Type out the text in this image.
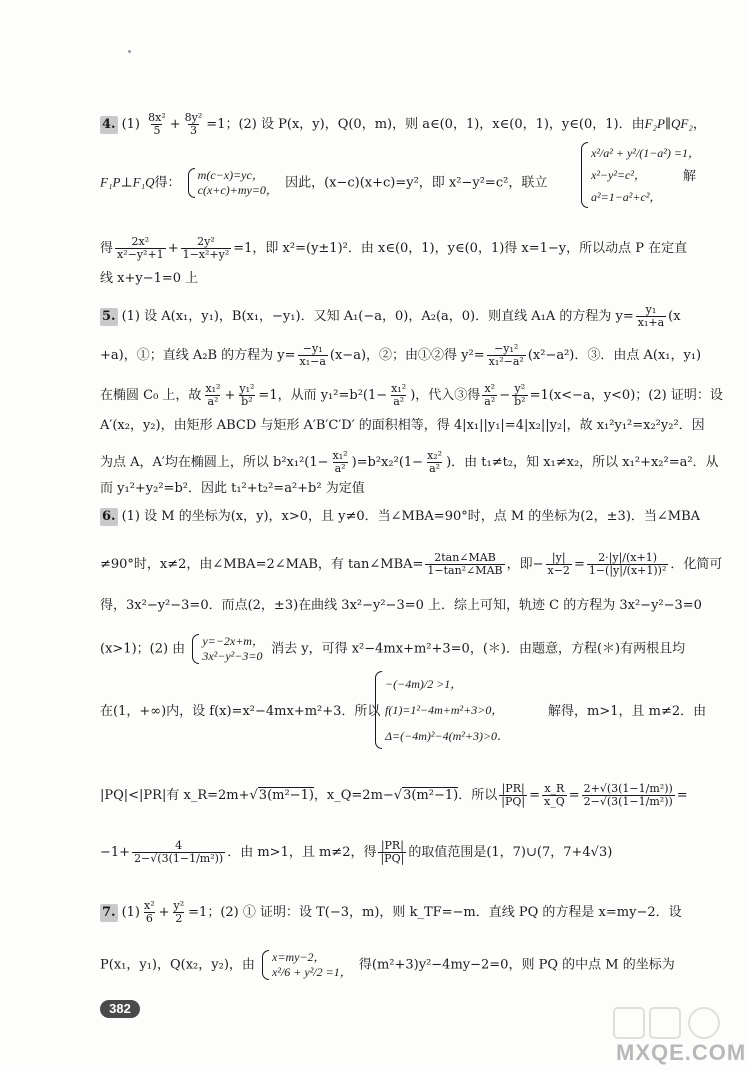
4. $(1) \frac{\text{8x²}}{5} + \frac{\text{8y²}}{3} =1$；(2) 设 P(x，y)，Q(0，m)，则 a∈(0，1)，x∈(0，1)，y∈(0，1)．由F₂P∥QF₂，
F₁P⊥F₁Q得：
m(c−x)=yc，
c(x+c)+my=0， 因此，(x−c)(x+c)=y²，即 x²−y²=c²，联立
x²/a² + y²/(1−a²) =1，
x²−y²=c²，
a²=1−a²+c²，
解
得 $\frac{\text{2x²}}{\text{x²−y²+1}} + \frac{\text{2y²}}{\text{1−x²+y²}} =1$，即 x²=(y±1)²．由 x∈(0，1)，y∈(0，1)得 x=1−y，所以动点 P 在定直
线 x+y−1=0 上
5. (1) 设 A(x₁，y₁)，B(x₁，−y₁)．又知 A₁(−a，0)，A₂(a，0)．则直线 A₁A 的方程为 $y= \frac{\text{y₁}}{\text{x₁+a}} (x$
+a)，①；直线 A₂B 的方程为 $y= \frac{\text{−y₁}}{\text{x₁−a}} (x-a)$，②；由①②得 $y^2= \frac{\text{−y₁²}}{\text{x₁²−a²}} (x^2-a^2)$．③．由点 A(x₁，y₁)
在椭圆 C₀ 上，故 $\frac{\text{x₁²}}{\text{a²}} + \frac{\text{y₁²}}{\text{b²}} =1$，从而 $y_1^2=b^2(1- \frac{\text{x₁²}}{\text{a²}}$ )，代入③得 $\frac{\text{x²}}{\text{a²}} - \frac{\text{y²}}{\text{b²}} =1(x<-a$，y<0)；(2) 证明：设
A′(x₂，y₂)，由矩形 ABCD 与矩形 A′B′C′D′ 的面积相等，得 4|x₁||y₁|=4|x₂||y₂|，故 x₁²y₁²=x₂²y₂²．因
为点 A，A′均在椭圆上，所以 $b^2x_1^2(1- \frac{\text{x₁²}}{\text{a²}} )=b^2x_2^2(1- \frac{\text{x₂²}}{\text{a²}}$ )．由 t₁≠t₂，知 x₁≠x₂，所以 x₁²+x₂²=a²．从
而 y₁²+y₂²=b²．因此 t₁²+t₂²=a²+b² 为定值
6. (1) 设 M 的坐标为(x，y)，x>0，且 y≠0．当∠MBA=90°时，点 M 的坐标为(2，±3)．当∠MBA
≠90°时，x≠2，由∠MBA=2∠MAB，有 tan∠MBA= 2tan∠MAB
1−tan²∠MAB ，即− $\frac{|y|}{x-2} = \frac{2\cdot|y|/(x+1)}{\text{1−(|y|/(x+1))²}}$ ．化简可
得，3x²−y²−3=0．而点(2，±3)在曲线 3x²−y²−3=0 上．综上可知，轨迹 C 的方程为 3x²−y²−3=0
(x>1)；(2) 由
y=−2x+m，
3x²−y²−3=0 消去 y，可得 x²−4mx+m²+3=0，(＊)．由题意，方程(＊)有两根且均
在(1，+∞)内，设 f(x)=x²−4mx+m²+3．所以
−(−4m)/2 >1，
f(1)=1²−4m+m²+3>0，
Δ=(−4m)²−4(m²+3)>0．
解得，m>1，且 m≠2．由
|PQ|<|PR|有 x_R=2m+√3(m²−1)，x_Q=2m−√3(m²−1)．所以 $\frac{|PR|}{|PQ|} = \frac{x\_R}{x\_Q} = \frac{\text{2+√(3(1−1/m²))}}{\text{2−√(3(1−1/m²))}}$ =
$-1+ \frac{4}{\text{2−√(3(1−1/m²))}}$ ．由 m>1，且 m≠2，得 $\frac{|PR|}{|PQ|}$ 的取值范围是(1，7)∪(7，7+4√3)
7. $(1) \frac{\text{x²}}{6} + \frac{\text{y²}}{2} =1$；(2) ① 证明：设 T(−3，m)，则 k_TF=−m．直线 PQ 的方程是 x=my−2．设
P(x₁，y₁)，Q(x₂，y₂)，由
x=my−2，
x²/6 + y²/2 =1， 得(m²+3)y²−4my−2=0，则 PQ 的中点 M 的坐标为
382
MXQE.COM
